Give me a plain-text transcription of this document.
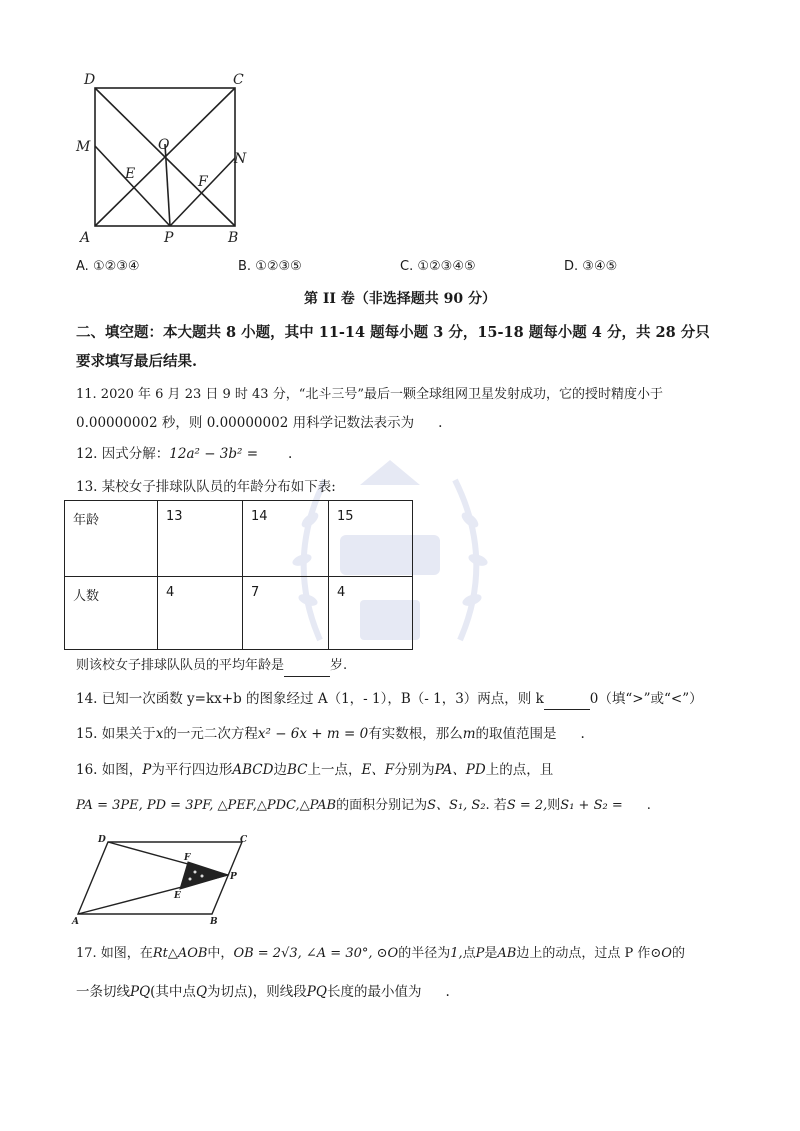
D	C
M	O
N
E	F
A	P	B
A. ①②③④	B. ①②③⑤	C. ①②③④⑤	D. ③④⑤
第 II 卷（非选择题共 90 分）
二、填空题：本大题共 8 小题，其中 11-14 题每小题 3 分，15-18 题每小题 4 分，共 28 分只
要求填写最后结果.
11. 2020 年 6 月 23 日 9 时 43 分，“北斗三号”最后一颗全球组网卫星发射成功，它的授时精度小于
0.00000002 秒，则 0.00000002 用科学记数法表示为 .
12. 因式分解：12a² − 3b² = .
13. 某校女子排球队队员的年龄分布如下表:
年龄	13	14	15
人数	4	7	4
则该校女子排球队队员的平均年龄是	岁.
14. 已知一次函数 y=kx+b 的图象经过 A（1，- 1），B（- 1，3）两点，则 k	0（填“>”或“<”）
15. 如果关于x的一元二次方程x² − 6x + m = 0有实数根，那么m的取值范围是 .
16. 如图，P为平行四边形ABCD边BC上一点，E、F分别为PA、PD上的点，且
PA = 3PE, PD = 3PF, △PEF,△PDC,△PAB的面积分别记为S、S₁, S₂. 若S = 2,则S₁ + S₂ = .
D	C
F
P
E
A	B
17. 如图，在Rt△AOB中，OB = 2√3, ∠A = 30°, ⊙O的半径为1,点P是AB边上的动点，过点 P 作⊙O的
一条切线PQ(其中点Q为切点)，则线段PQ长度的最小值为 .
